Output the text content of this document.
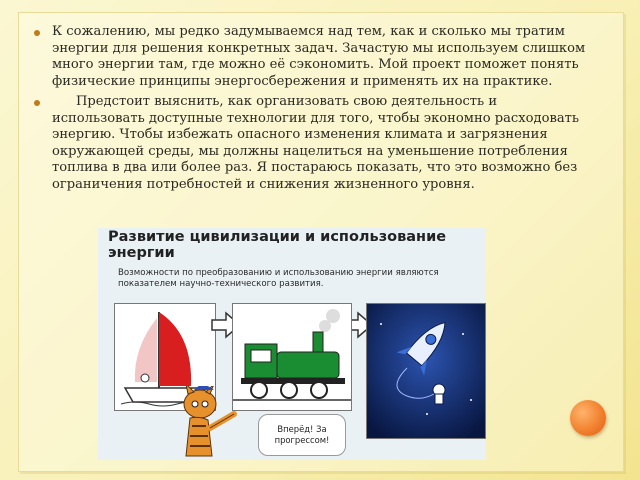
К сожалению, мы редко задумываемся над тем, как и сколько мы тратим энергии для решения конкретных задач. Зачастую мы используем слишком много энергии там, где можно её сэкономить. Мой проект поможет понять физические принципы энергосбережения и применять их на практике.
Предстоит выяснить, как организовать свою деятельность и использовать доступные технологии для того, чтобы экономно расходовать энергию. Чтобы избежать опасного изменения климата и загрязнения окружающей среды, мы должны нацелиться на уменьшение потребления топлива в два или более раз. Я постараюсь показать, что это возможно без ограничения потребностей и снижения жизненного уровня.
Развитие цивилизации и использование энергии
Возможности по преобразованию и использованию энергии являются показателем научно-технического развития.
Вперёд! За прогрессом!
